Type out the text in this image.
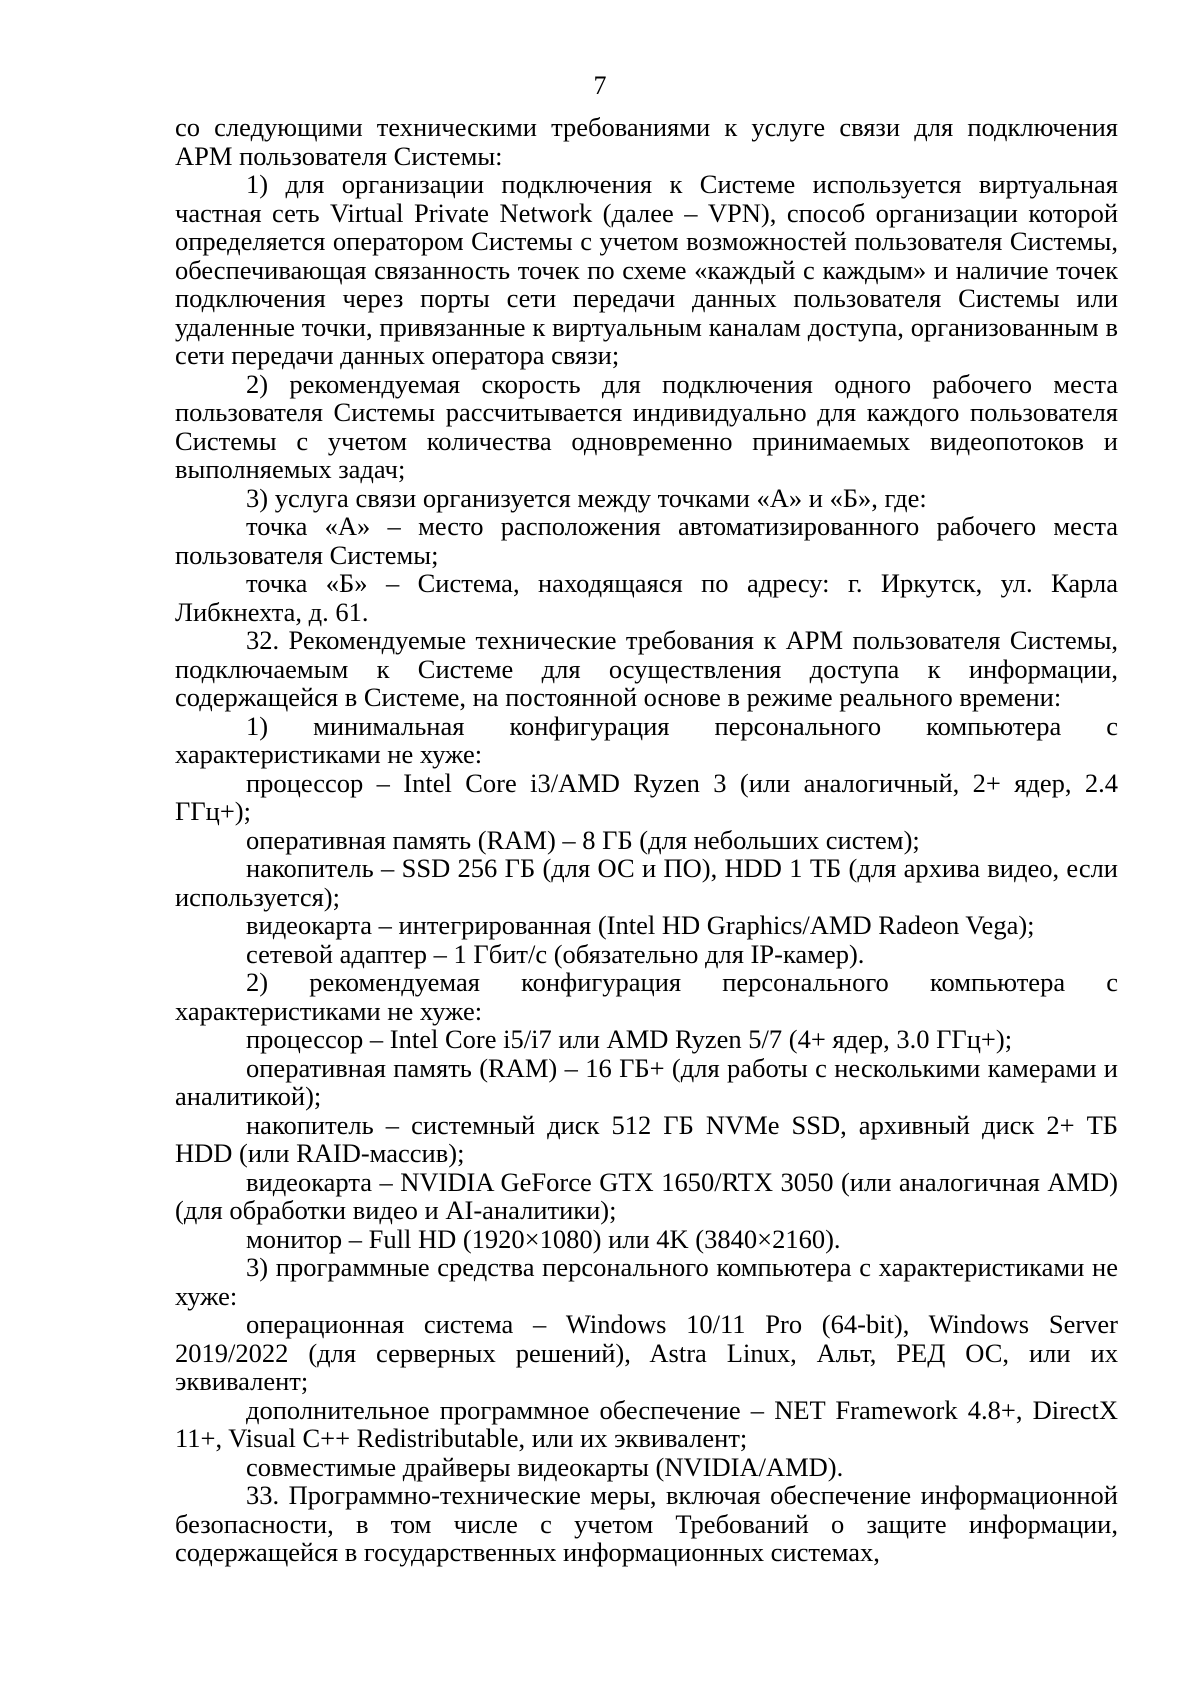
7

со следующими техническими требованиями к услуге связи для подключения АРМ пользователя Системы:

1) для организации подключения к Системе используется виртуальная частная сеть Virtual Private Network (далее – VPN), способ организации которой определяется оператором Системы с учетом возможностей пользователя Системы, обеспечивающая связанность точек по схеме «каждый с каждым» и наличие точек подключения через порты сети передачи данных пользователя Системы или удаленные точки, привязанные к виртуальным каналам доступа, организованным в сети передачи данных оператора связи;

2) рекомендуемая скорость для подключения одного рабочего места пользователя Системы рассчитывается индивидуально для каждого пользователя Системы с учетом количества одновременно принимаемых видеопотоков и выполняемых задач;

3) услуга связи организуется между точками «А» и «Б», где:

точка «А» – место расположения автоматизированного рабочего места пользователя Системы;

точка «Б» – Система, находящаяся по адресу: г. Иркутск, ул. Карла Либкнехта, д. 61.

32. Рекомендуемые технические требования к АРМ пользователя Системы, подключаемым к Системе для осуществления доступа к информации, содержащейся в Системе, на постоянной основе в режиме реального времени:

1) минимальная конфигурация персонального компьютера с характеристиками не хуже:

процессор – Intel Core i3/AMD Ryzen 3 (или аналогичный, 2+ ядер, 2.4 ГГц+);

оперативная память (RAM) – 8 ГБ (для небольших систем);

накопитель – SSD 256 ГБ (для ОС и ПО), HDD 1 ТБ (для архива видео, если используется);

видеокарта – интегрированная (Intel HD Graphics/AMD Radeon Vega);

сетевой адаптер – 1 Гбит/с (обязательно для IP-камер).

2) рекомендуемая конфигурация персонального компьютера с характеристиками не хуже:

процессор – Intel Core i5/i7 или AMD Ryzen 5/7 (4+ ядер, 3.0 ГГц+);

оперативная память (RAM) – 16 ГБ+ (для работы с несколькими камерами и аналитикой);

накопитель – системный диск 512 ГБ NVMe SSD, архивный диск 2+ ТБ HDD (или RAID-массив);

видеокарта – NVIDIA GeForce GTX 1650/RTX 3050 (или аналогичная AMD) (для обработки видео и AI-аналитики);

монитор – Full HD (1920×1080) или 4K (3840×2160).

3) программные средства персонального компьютера с характеристиками не хуже:

операционная система – Windows 10/11 Pro (64-bit), Windows Server 2019/2022 (для серверных решений), Astra Linux, Альт, РЕД ОС, или их эквивалент;

дополнительное программное обеспечение – NET Framework 4.8+, DirectX 11+, Visual C++ Redistributable, или их эквивалент;

совместимые драйверы видеокарты (NVIDIA/AMD).

33. Программно-технические меры, включая обеспечение информационной безопасности, в том числе с учетом Требований о защите информации, содержащейся в государственных информационных системах,
